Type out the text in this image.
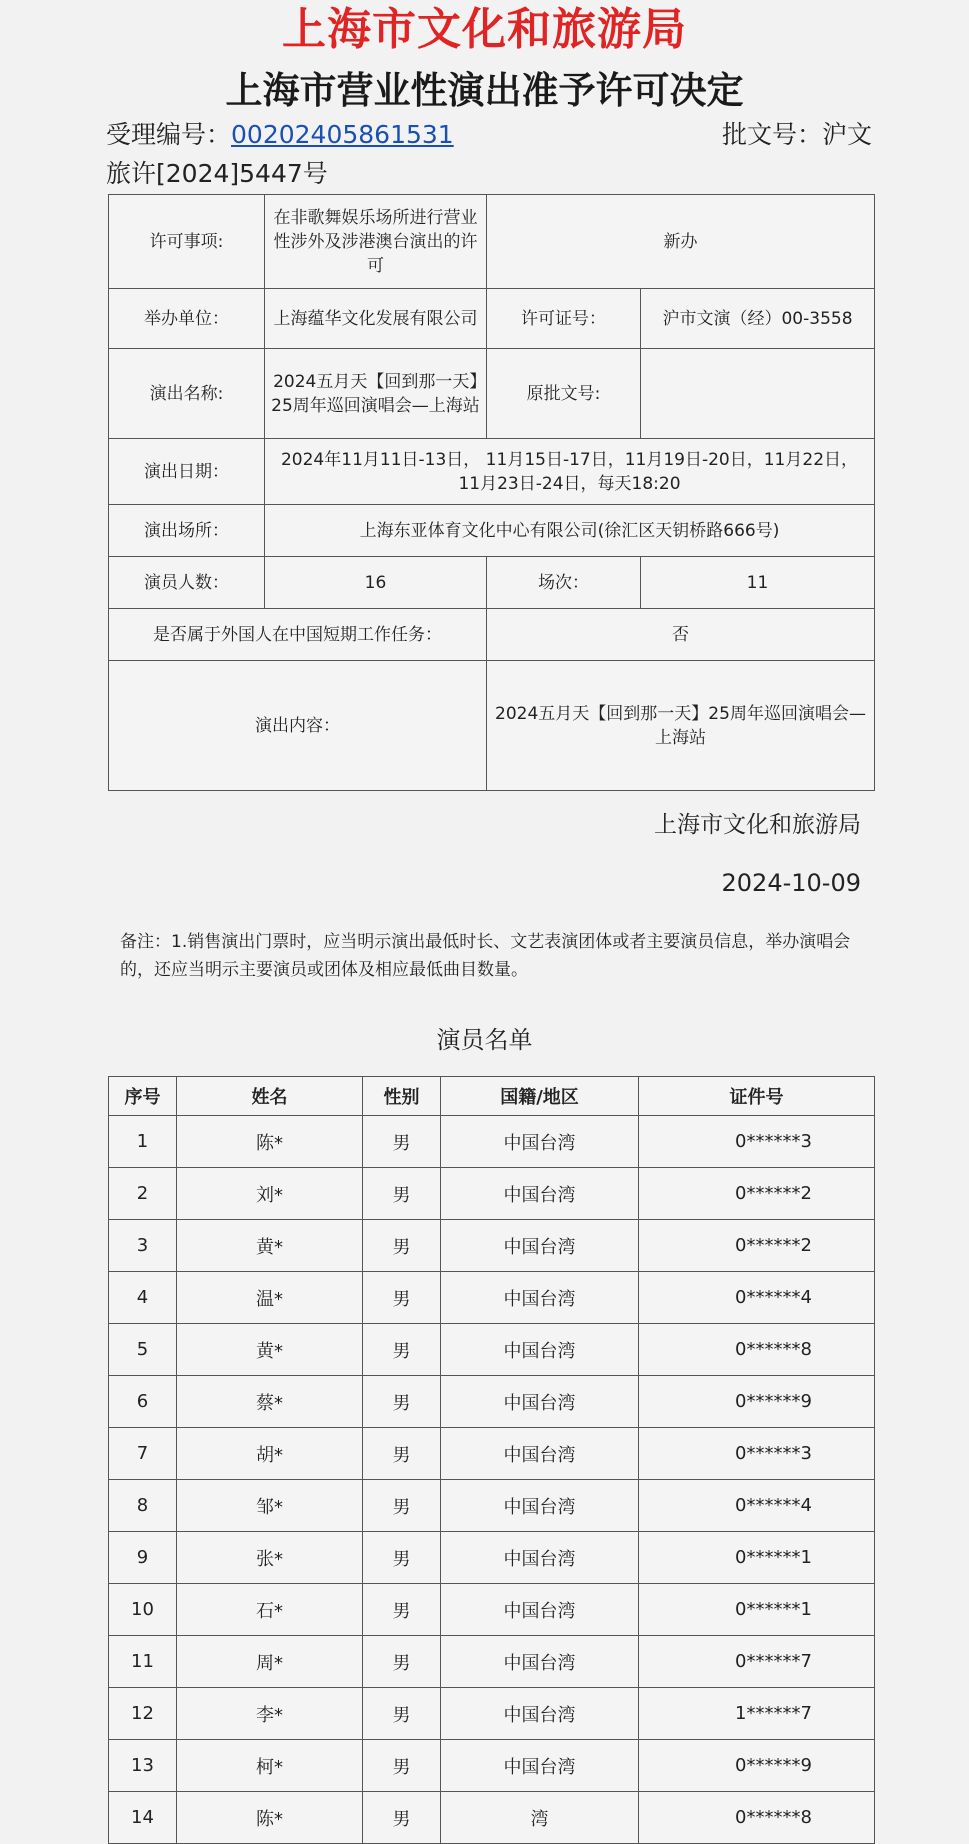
上海市文化和旅游局
上海市营业性演出准予许可决定
受理编号：00202405861531	批文号：沪文
旅许[2024]5447号
许可事项:	在非歌舞娱乐场所进行营业性涉外及涉港澳台演出的许可	新办	
举办单位：	上海蕴华文化发展有限公司	许可证号：	沪市文演（经）00-3558
演出名称:	2024五月天【回到那一天】25周年巡回演唱会—上海站	原批文号:	
演出日期：	2024年11月11日-13日， 11月15日-17日，11月19日-20日，11月22日，11月23日-24日，每天18:20		
演出场所：	上海东亚体育文化中心有限公司(徐汇区天钥桥路666号)		
演员人数：	16	场次：	11
是否属于外国人在中国短期工作任务：		否	
演出内容：		2024五月天【回到那一天】25周年巡回演唱会—上海站	
上海市文化和旅游局
2024-10-09
备注：1.销售演出门票时，应当明示演出最低时长、文艺表演团体或者主要演员信息，举办演唱会的，还应当明示主要演员或团体及相应最低曲目数量。
演员名单
序号	姓名	性别	国籍/地区	证件号
1	陈*	男	中国台湾	0******3
2	刘*	男	中国台湾	0******2
3	黄*	男	中国台湾	0******2
4	温*	男	中国台湾	0******4
5	黄*	男	中国台湾	0******8
6	蔡*	男	中国台湾	0******9
7	胡*	男	中国台湾	0******3
8	邹*	男	中国台湾	0******4
9	张*	男	中国台湾	0******1
10	石*	男	中国台湾	0******1
11	周*	男	中国台湾	0******7
12	李*	男	中国台湾	1******7
13	柯*	男	中国台湾	0******9
14	陈*	男	湾	0******8
